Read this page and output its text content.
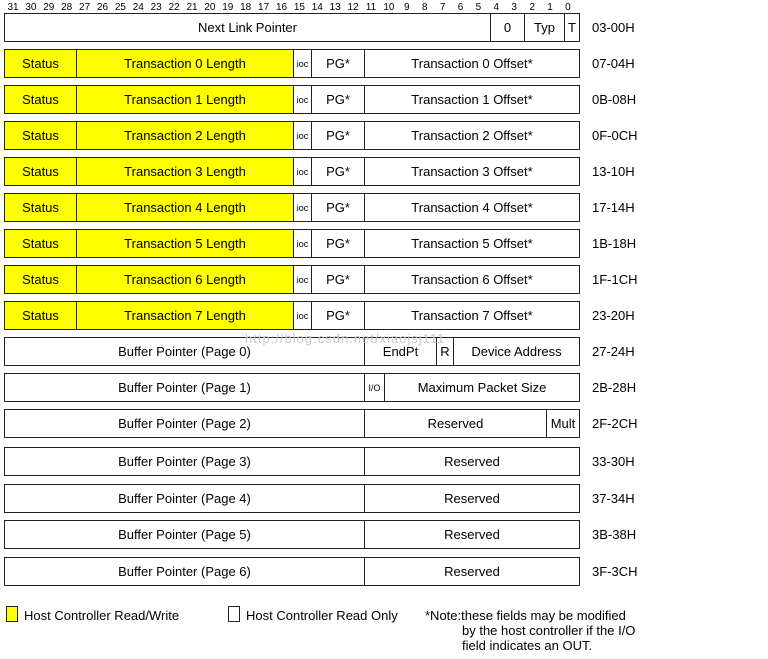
31 30 29 28 27 26 25 24 23 22 21 20 19 18 17 16 15 14 13 12 11 10 9 8 7 6 5 4 3 2 1 0
Next Link Pointer	0	Typ	T	03-00H
Status	Transaction 0 Length	ioc	PG*	Transaction 0 Offset*	07-04H
Status	Transaction 1 Length	ioc	PG*	Transaction 1 Offset*	0B-08H
Status	Transaction 2 Length	ioc	PG*	Transaction 2 Offset*	0F-0CH
Status	Transaction 3 Length	ioc	PG*	Transaction 3 Offset*	13-10H
Status	Transaction 4 Length	ioc	PG*	Transaction 4 Offset*	17-14H
Status	Transaction 5 Length	ioc	PG*	Transaction 5 Offset*	1B-18H
Status	Transaction 6 Length	ioc	PG*	Transaction 6 Offset*	1F-1CH
Status	Transaction 7 Length	ioc	PG*	Transaction 7 Offset*	23-20H
Buffer Pointer (Page 0)	EndPt	R	Device Address	27-24H
Buffer Pointer (Page 1)	I/O	Maximum Packet Size	2B-28H
Buffer Pointer (Page 2)	Reserved	Mult	2F-2CH
Buffer Pointer (Page 3)	Reserved	33-30H
Buffer Pointer (Page 4)	Reserved	37-34H
Buffer Pointer (Page 5)	Reserved	3B-38H
Buffer Pointer (Page 6)	Reserved	3F-3CH
http://blog.csdn.net/xiaojsj111
Host Controller Read/Write	Host Controller Read Only *Note:these fields may be modified
by the host controller if the I/O
field indicates an OUT.
